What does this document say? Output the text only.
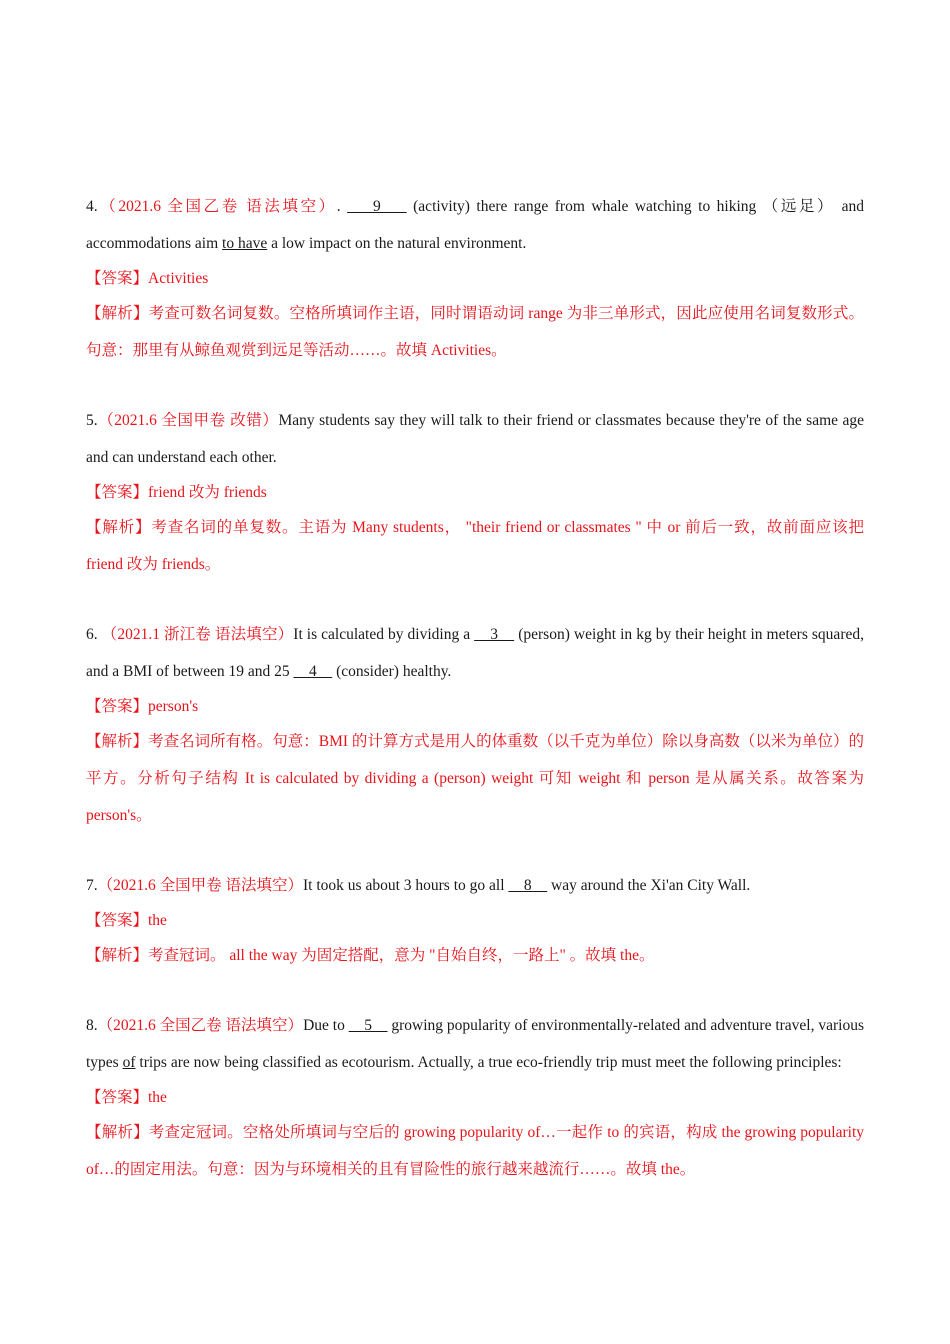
4.（2021.6 全国乙卷 语法填空）.     9     (activity) there range from whale watching to hiking （远足） and accommodations aim to have a low impact on the natural environment.

【答案】Activities

【解析】考查可数名词复数。空格所填词作主语，同时谓语动词 range 为非三单形式，因此应使用名词复数形式。句意：那里有从鲸鱼观赏到远足等活动……。故填 Activities。

5.（2021.6 全国甲卷 改错）Many students say they will talk to their friend or classmates because they're of the same age and can understand each other.

【答案】friend 改为 friends

【解析】考查名词的单复数。主语为 Many students， "their friend or classmates " 中 or 前后一致，故前面应该把 friend 改为 friends。

6. （2021.1 浙江卷 语法填空）It is calculated by dividing a     3     (person) weight in kg by their height in meters squared, and a BMI of between 19 and 25     4     (consider) healthy.

【答案】person's

【解析】考查名词所有格。句意：BMI 的计算方式是用人的体重数（以千克为单位）除以身高数（以米为单位）的平方。分析句子结构 It is calculated by dividing a (person) weight 可知 weight 和 person 是从属关系。故答案为 person's。

7.（2021.6 全国甲卷 语法填空）It took us about 3 hours to go all     8     way around the Xi'an City Wall.

【答案】the

【解析】考查冠词。 all the way 为固定搭配，意为 "自始自终，一路上" 。故填 the。

8.（2021.6 全国乙卷 语法填空）Due to     5     growing popularity of environmentally-related and adventure travel, various types of trips are now being classified as ecotourism. Actually, a true eco-friendly trip must meet the following principles:

【答案】the

【解析】考查定冠词。空格处所填词与空后的 growing popularity of…一起作 to 的宾语，构成 the growing popularity of…的固定用法。句意：因为与环境相关的且有冒险性的旅行越来越流行……。故填 the。
